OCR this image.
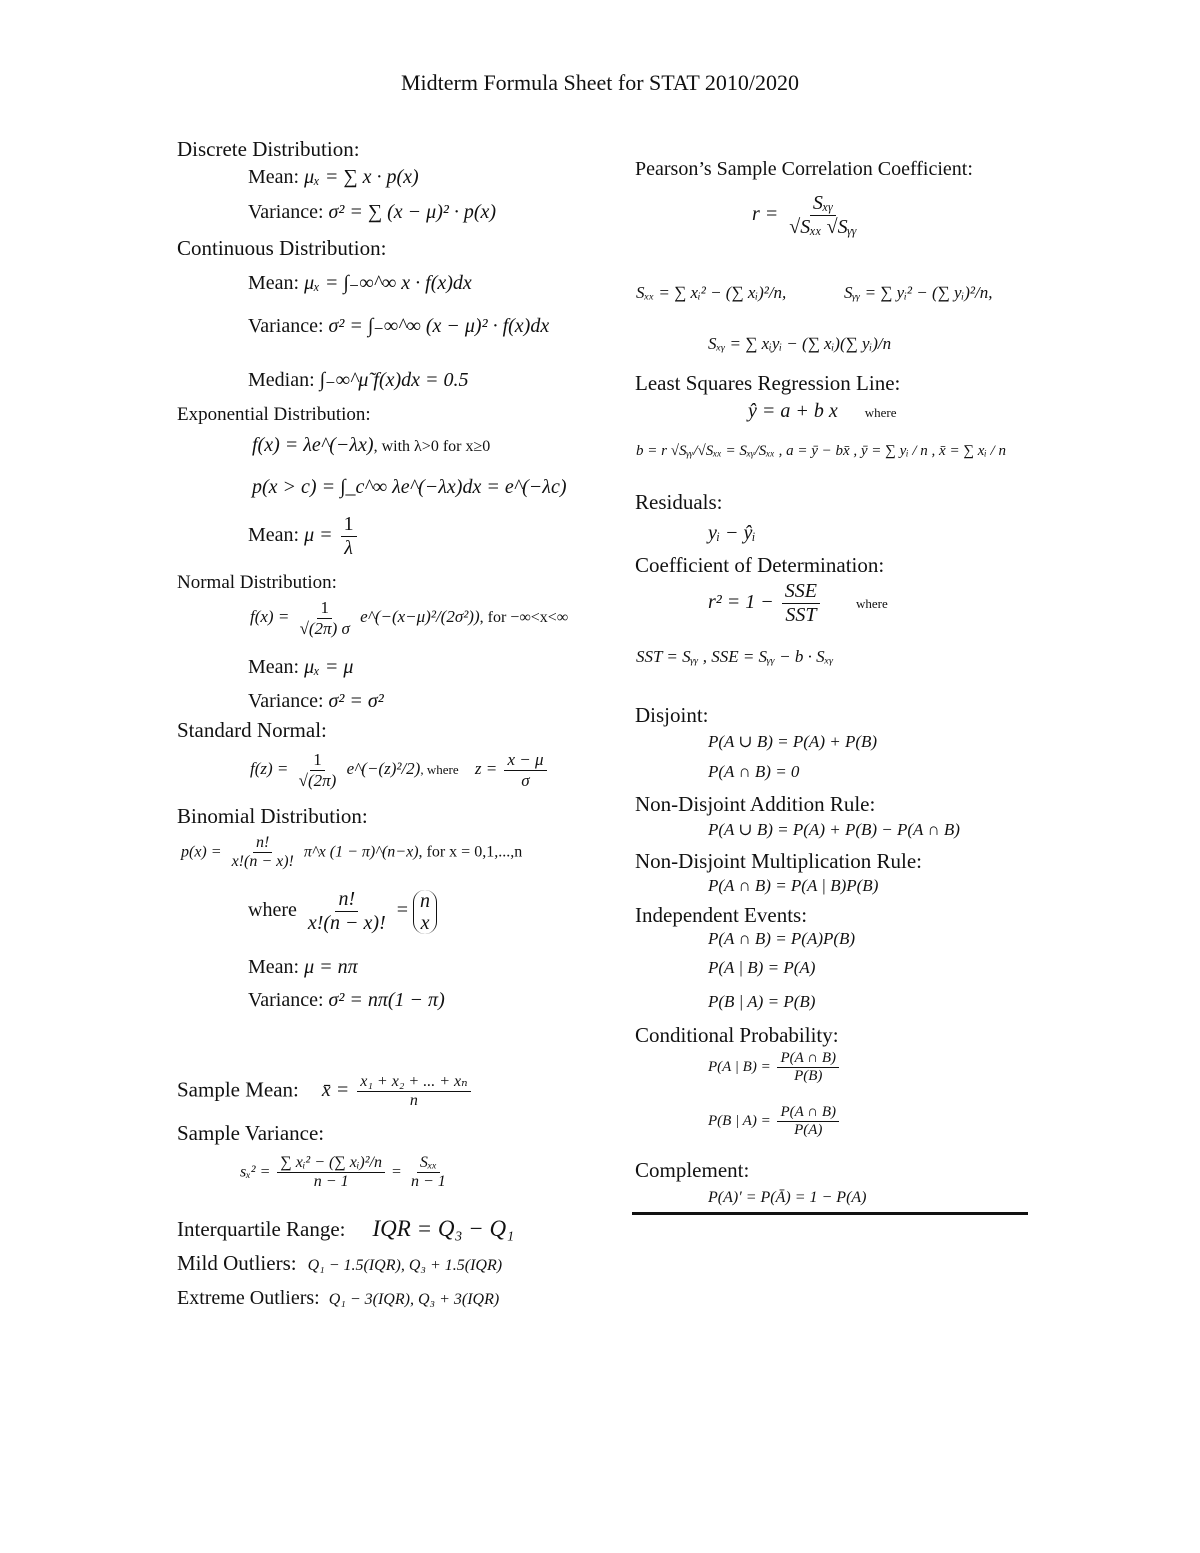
Midterm Formula Sheet for STAT 2010/2020
Discrete Distribution:
Mean: μₓ = ∑ x · p(x)
Variance: σ² = ∑ (x − μ)² · p(x)
Continuous Distribution:
Mean: μₓ = ∫₋∞^∞ x · f(x)dx
Variance: σ² = ∫₋∞^∞ (x − μ)² · f(x)dx
Median: ∫₋∞^μ̃ f(x)dx = 0.5
Exponential Distribution:
f(x) = λe^(−λx), with λ>0 for x≥0
p(x > c) = ∫_c^∞ λe^(−λx)dx = e^(−λc)
Mean: $\mu = \frac{1}{\lambda}$
Normal Distribution:
$f(x) = \frac{1}{√(2\pi) \sigma}$ e^(−(x−μ)²/(2σ²)), for −∞<x<∞
Mean: μₓ = μ
Variance: σ² = σ²
Standard Normal:
$f(z) = \frac{1}{√(2\pi)}$ e^(−(z)²/2), where $z = \frac{x - \mu}{\sigma}$
Binomial Distribution:
$p(x) = \frac{n!}{x!(n - x)!}$ π^x (1 − π)^(n−x), for x = 0,1,...,n
where $\frac{n!}{x!(n - x)!} = n$
x
Mean: μ = nπ
Variance: σ² = nπ(1 − π)
Sample Mean: x̄ = $\frac{\text{x₁ + x₂ + ... + xₙ}}{n}$
Sample Variance:
$s_x^2 = \frac{\text{∑ xᵢ² − (∑ xᵢ)²/n}}{n - 1} = \frac{\text{Sₓₓ}}{n - 1}$
Interquartile Range: IQR = Q₃ − Q₁
Mild Outliers: Q₁ − 1.5(IQR), Q₃ + 1.5(IQR)
Extreme Outliers: Q₁ − 3(IQR), Q₃ + 3(IQR)
Pearson’s Sample Correlation Coefficient:
$r = \frac{\text{Sₓᵧ}}{\text{√Sₓₓ √Sᵧᵧ}}$
Sₓₓ = ∑ xᵢ² − (∑ xᵢ)²/n,	Sᵧᵧ = ∑ yᵢ² − (∑ yᵢ)²/n,
Sₓᵧ = ∑ xᵢyᵢ − (∑ xᵢ)(∑ yᵢ)/n
Least Squares Regression Line:
ŷ = a + b x where
b = r √Sᵧᵧ/√Sₓₓ = Sₓᵧ/Sₓₓ , a = ȳ − bx̄ , ȳ = ∑ yᵢ / n , x̄ = ∑ xᵢ / n
Residuals:
yᵢ − ŷᵢ
Coefficient of Determination:
$r^2 = 1 - \frac{\text{SSE}}{\text{SST}}$	where
SST = Sᵧᵧ , SSE = Sᵧᵧ − b · Sₓᵧ
Disjoint:
P(A ∪ B) = P(A) + P(B)
P(A ∩ B) = 0
Non-Disjoint Addition Rule:
P(A ∪ B) = P(A) + P(B) − P(A ∩ B)
Non-Disjoint Multiplication Rule:
P(A ∩ B) = P(A | B)P(B)
Independent Events:
P(A ∩ B) = P(A)P(B)
P(A | B) = P(A)
P(B | A) = P(B)
Conditional Probability:
P(A | $B) = \frac{P(A \cap B)}{P(B)}$
P(B | $A) = \frac{P(A \cap B)}{P(A)}$
Complement:
P(A)′ = P(Ā) = 1 − P(A)
